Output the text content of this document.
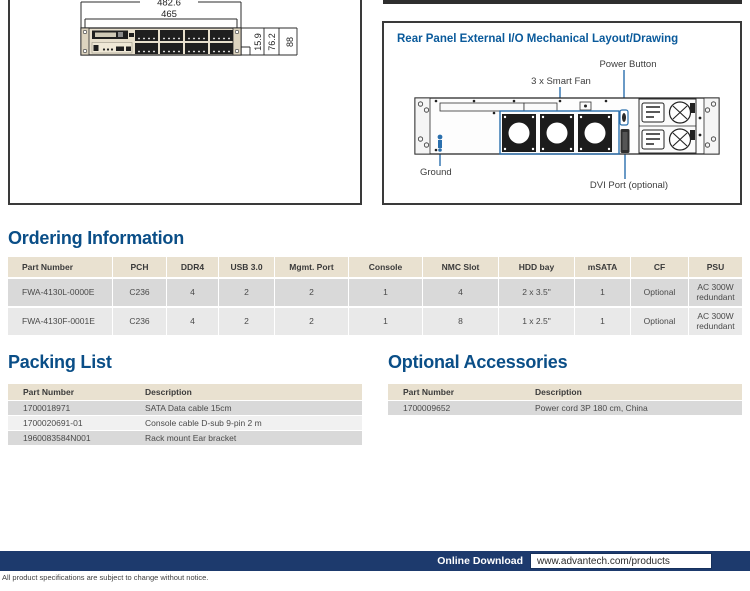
482.6
465
15.9 76.2 88	Rear Panel External I/O Mechanical Layout/Drawing
Power Button
3 x Smart Fan
Ground
DVI Port (optional)
Ordering Information
Part Number	PCH	DDR4	USB 3.0	Mgmt. Port	Console	NMC Slot	HDD bay	mSATA	CF	PSU
FWA-4130L-0000E	C236	4	2	2	1	4	2 x 3.5"	1	Optional	AC 300W redundant
FWA-4130F-0001E	C236	4	2	2	1	8	1 x 2.5"	1	Optional	AC 300W redundant
Packing List
Part Number	Description
1700018971	SATA Data cable 15cm
1700020691-01	Console cable D-sub 9-pin 2 m
1960083584N001	Rack mount Ear bracket
Optional Accessories
Part Number	Description
1700009652	Power cord 3P 180 cm, China
Online Download	www.advantech.com/products
All product specifications are subject to change without notice.
